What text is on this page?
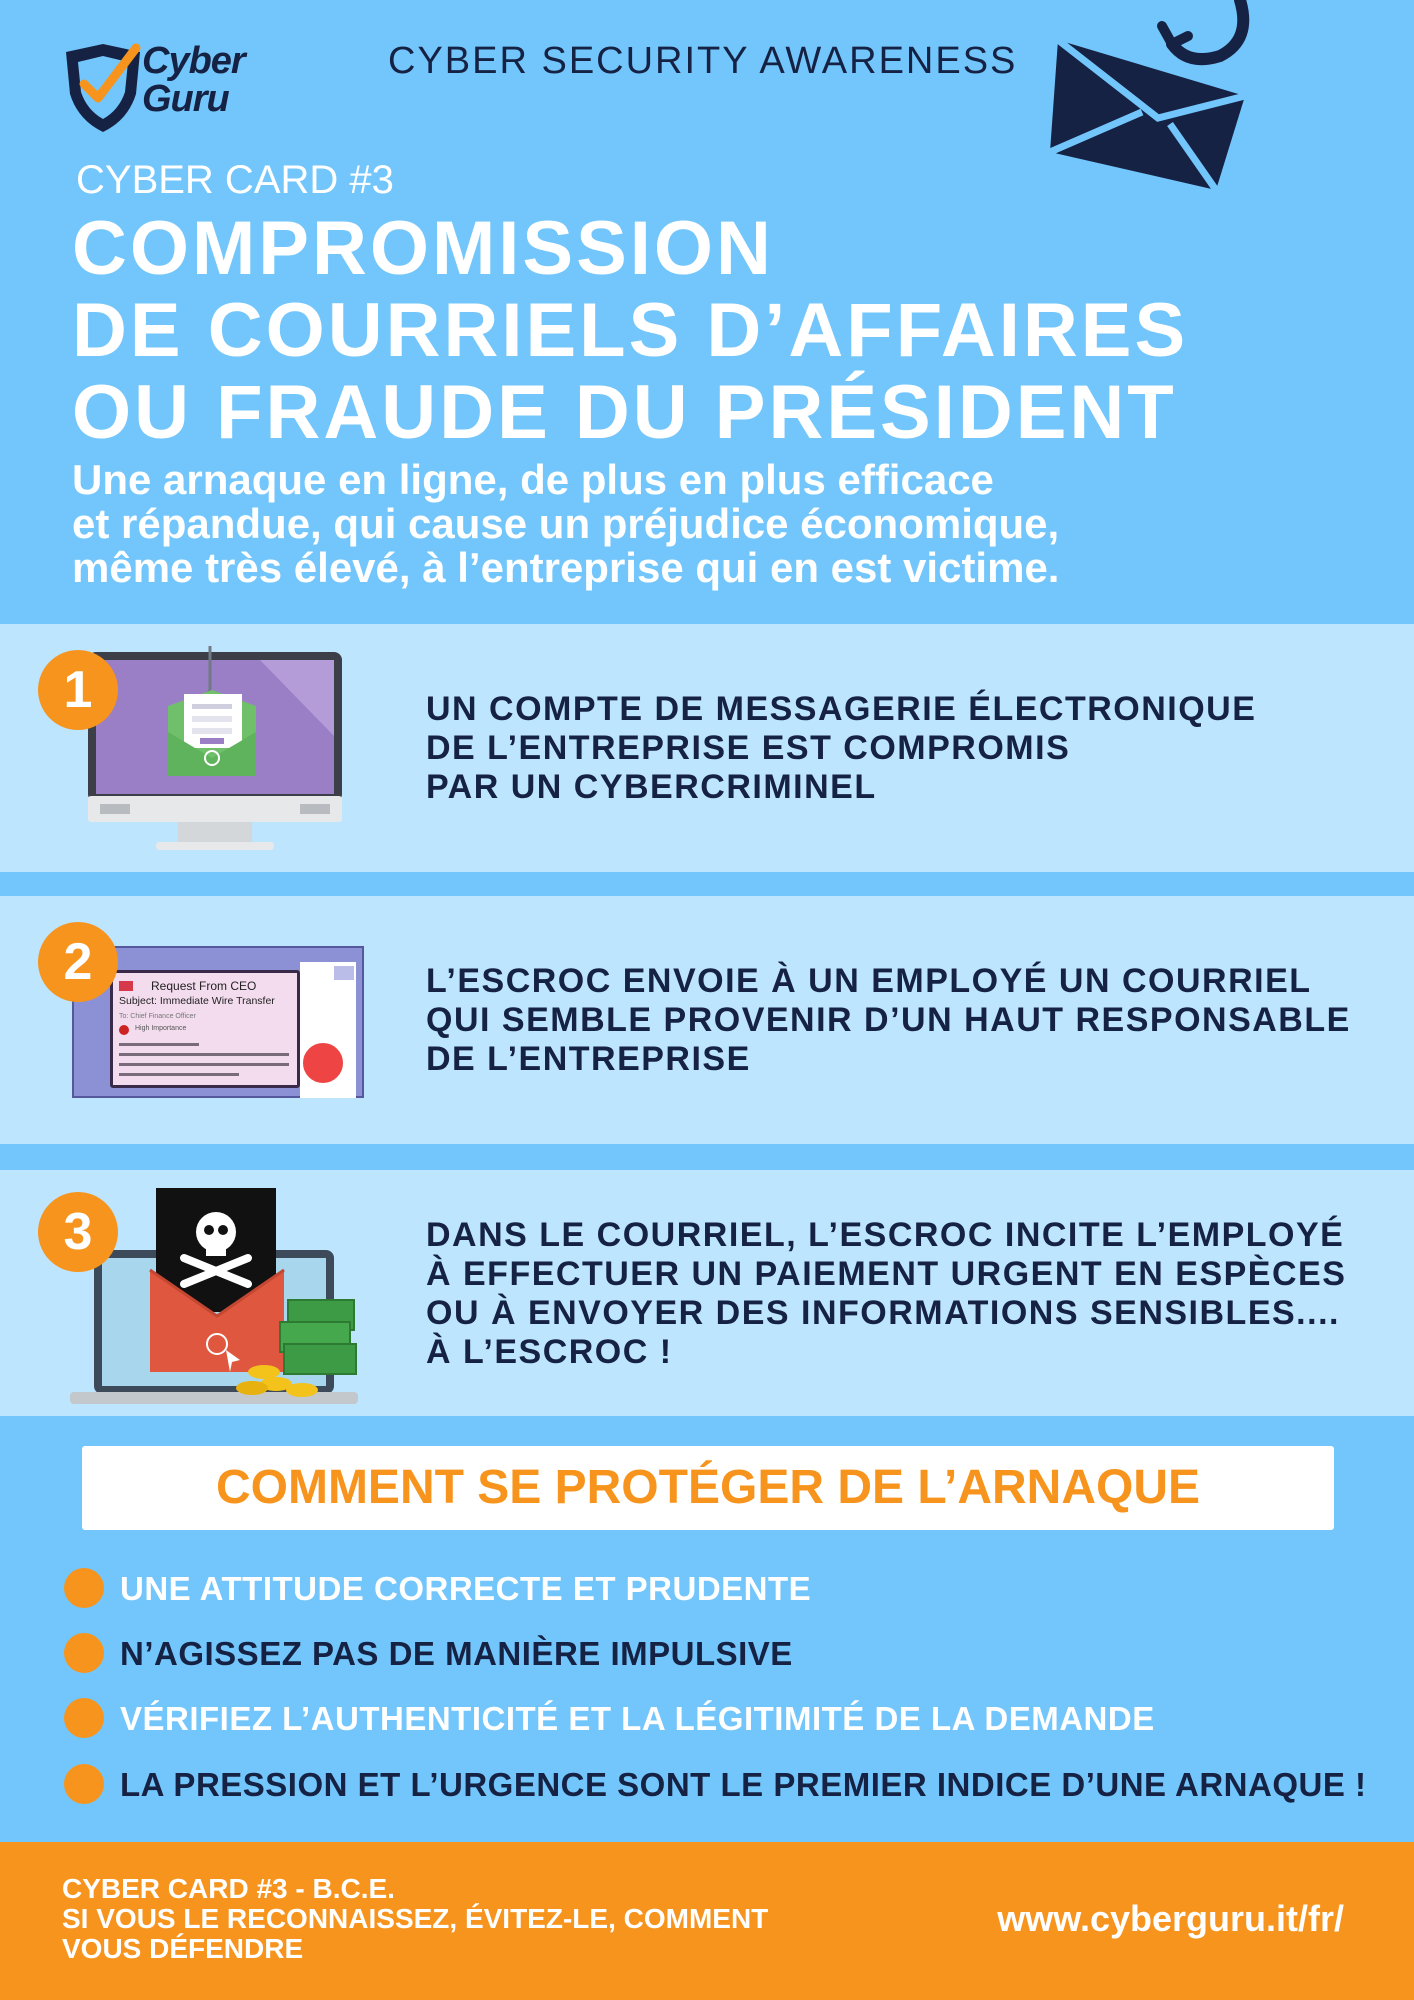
Cyber
Guru
CYBER SECURITY AWARENESS
CYBER CARD #3
COMPROMISSION
DE COURRIELS D’AFFAIRES
OU FRAUDE DU PRÉSIDENT
Une arnaque en ligne, de plus en plus efficace
et répandue, qui cause un préjudice économique,
même très élevé, à l’entreprise qui en est victime.
1	UN COMPTE DE MESSAGERIE ÉLECTRONIQUE
DE L’ENTREPRISE EST COMPROMIS
PAR UN CYBERCRIMINEL
Request From CEO
Subject: Immediate Wire Transfer
To: Chief Finance Officer
High Importance
2	L’ESCROC ENVOIE À UN EMPLOYÉ UN COURRIEL
QUI SEMBLE PROVENIR D’UN HAUT RESPONSABLE
DE L’ENTREPRISE
3	DANS LE COURRIEL, L’ESCROC INCITE L’EMPLOYÉ
À EFFECTUER UN PAIEMENT URGENT EN ESPÈCES
OU À ENVOYER DES INFORMATIONS SENSIBLES....
À L’ESCROC !
COMMENT SE PROTÉGER DE L’ARNAQUE
UNE ATTITUDE CORRECTE ET PRUDENTE
N’AGISSEZ PAS DE MANIÈRE IMPULSIVE
VÉRIFIEZ L’AUTHENTICITÉ ET LA LÉGITIMITÉ DE LA DEMANDE
LA PRESSION ET L’URGENCE SONT LE PREMIER INDICE D’UNE ARNAQUE !
CYBER CARD #3 - B.C.E.
SI VOUS LE RECONNAISSEZ, ÉVITEZ-LE, COMMENT
VOUS DÉFENDRE
www.cyberguru.it/fr/
